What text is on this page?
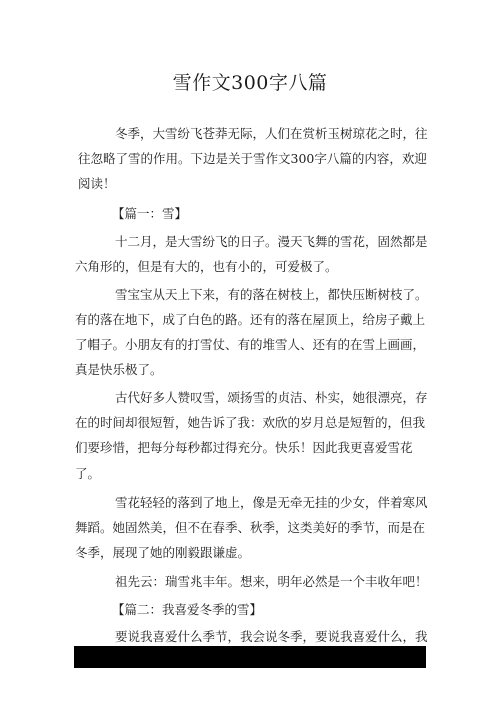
雪作文300字八篇
冬季，大雪纷飞苍莽无际，人们在赏析玉树琼花之时，往
往忽略了雪的作用。下边是关于雪作文300字八篇的内容，欢迎
阅读！
【篇一：雪】
十二月，是大雪纷飞的日子。漫天飞舞的雪花，固然都是
六角形的，但是有大的，也有小的，可爱极了。
雪宝宝从天上下来，有的落在树枝上，都快压断树枝了。
有的落在地下，成了白色的路。还有的落在屋顶上，给房子戴上
了帽子。小朋友有的打雪仗、有的堆雪人、还有的在雪上画画，
真是快乐极了。
古代好多人赞叹雪，颂扬雪的贞洁、朴实，她很漂亮，存
在的时间却很短暂，她告诉了我：欢欣的岁月总是短暂的，但我
们要珍惜，把每分每秒都过得充分。快乐！因此我更喜爱雪花
了。
雪花轻轻的落到了地上，像是无牵无挂的少女，伴着寒风
舞蹈。她固然美，但不在春季、秋季，这类美好的季节，而是在
冬季，展现了她的刚毅跟谦虚。
祖先云：瑞雪兆丰年。想来，明年必然是一个丰收年吧！
【篇二：我喜爱冬季的雪】
要说我喜爱什么季节，我会说冬季，要说我喜爱什么，我
